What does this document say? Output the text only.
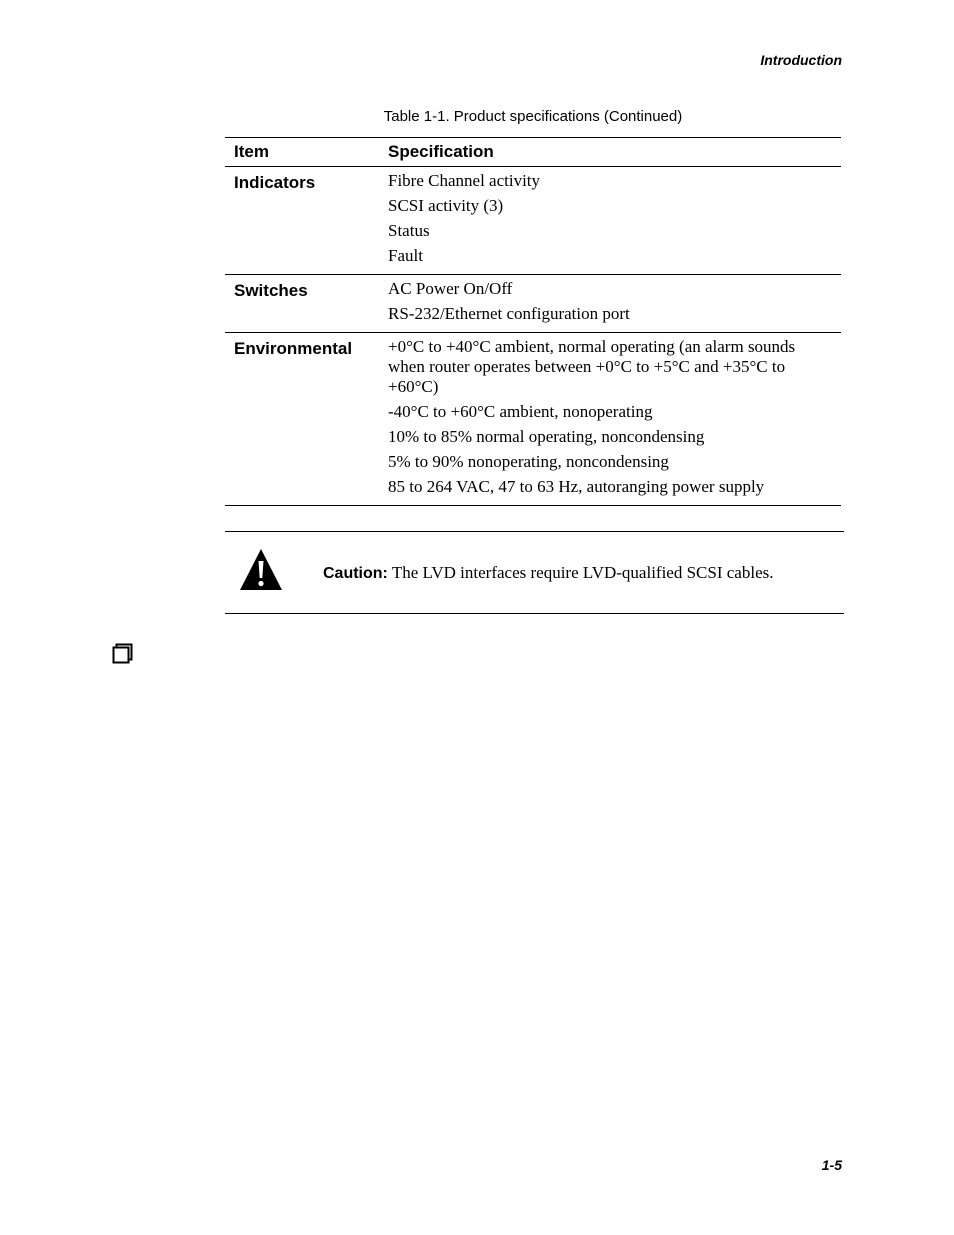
Introduction
Table 1-1. Product specifications (Continued)
Item	Specification
Indicators	Fibre Channel activity
SCSI activity (3)
Status
Fault

Switches	AC Power On/Off
RS-232/Ethernet configuration port

Environmental	+0°C to +40°C ambient, normal operating (an alarm sounds when router operates between +0°C to +5°C and +35°C to +60°C)
-40°C to +60°C ambient, nonoperating
10% to 85% normal operating, noncondensing
5% to 90% nonoperating, noncondensing
85 to 264 VAC, 47 to 63 Hz, autoranging power supply
Caution: The LVD interfaces require LVD-qualified SCSI cables.
1-5
